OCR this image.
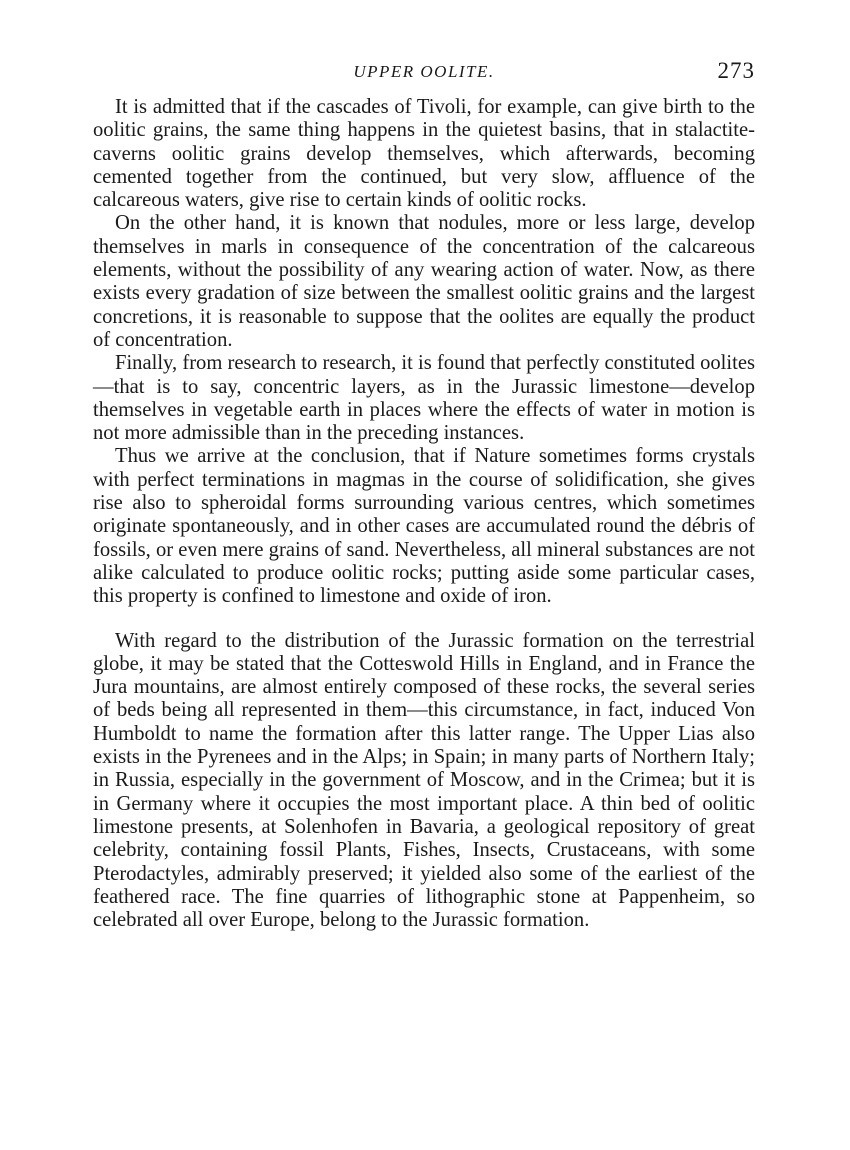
UPPER OOLITE.	273

It is admitted that if the cascades of Tivoli, for example, can give birth to the oolitic grains, the same thing happens in the quietest basins, that in stalactite-caverns oolitic grains develop themselves, which afterwards, becoming cemented together from the continued, but very slow, affluence of the calcareous waters, give rise to certain kinds of oolitic rocks.

On the other hand, it is known that nodules, more or less large, develop themselves in marls in consequence of the concentration of the calcareous elements, without the possibility of any wearing action of water. Now, as there exists every gradation of size between the smallest oolitic grains and the largest concretions, it is reasonable to suppose that the oolites are equally the product of concentration.

Finally, from research to research, it is found that perfectly constituted oolites—that is to say, concentric layers, as in the Jurassic limestone—develop themselves in vegetable earth in places where the effects of water in motion is not more admissible than in the preceding instances.

Thus we arrive at the conclusion, that if Nature sometimes forms crystals with perfect terminations in magmas in the course of solidification, she gives rise also to spheroidal forms surrounding various centres, which sometimes originate spontaneously, and in other cases are accumulated round the débris of fossils, or even mere grains of sand. Nevertheless, all mineral substances are not alike calculated to produce oolitic rocks; putting aside some particular cases, this property is confined to limestone and oxide of iron.

With regard to the distribution of the Jurassic formation on the terrestrial globe, it may be stated that the Cotteswold Hills in England, and in France the Jura mountains, are almost entirely composed of these rocks, the several series of beds being all represented in them—this circumstance, in fact, induced Von Humboldt to name the formation after this latter range. The Upper Lias also exists in the Pyrenees and in the Alps; in Spain; in many parts of Northern Italy; in Russia, especially in the government of Moscow, and in the Crimea; but it is in Germany where it occupies the most important place. A thin bed of oolitic limestone presents, at Solenhofen in Bavaria, a geological repository of great celebrity, containing fossil Plants, Fishes, Insects, Crustaceans, with some Pterodactyles, admirably preserved; it yielded also some of the earliest of the feathered race. The fine quarries of lithographic stone at Pappenheim, so celebrated all over Europe, belong to the Jurassic formation.
